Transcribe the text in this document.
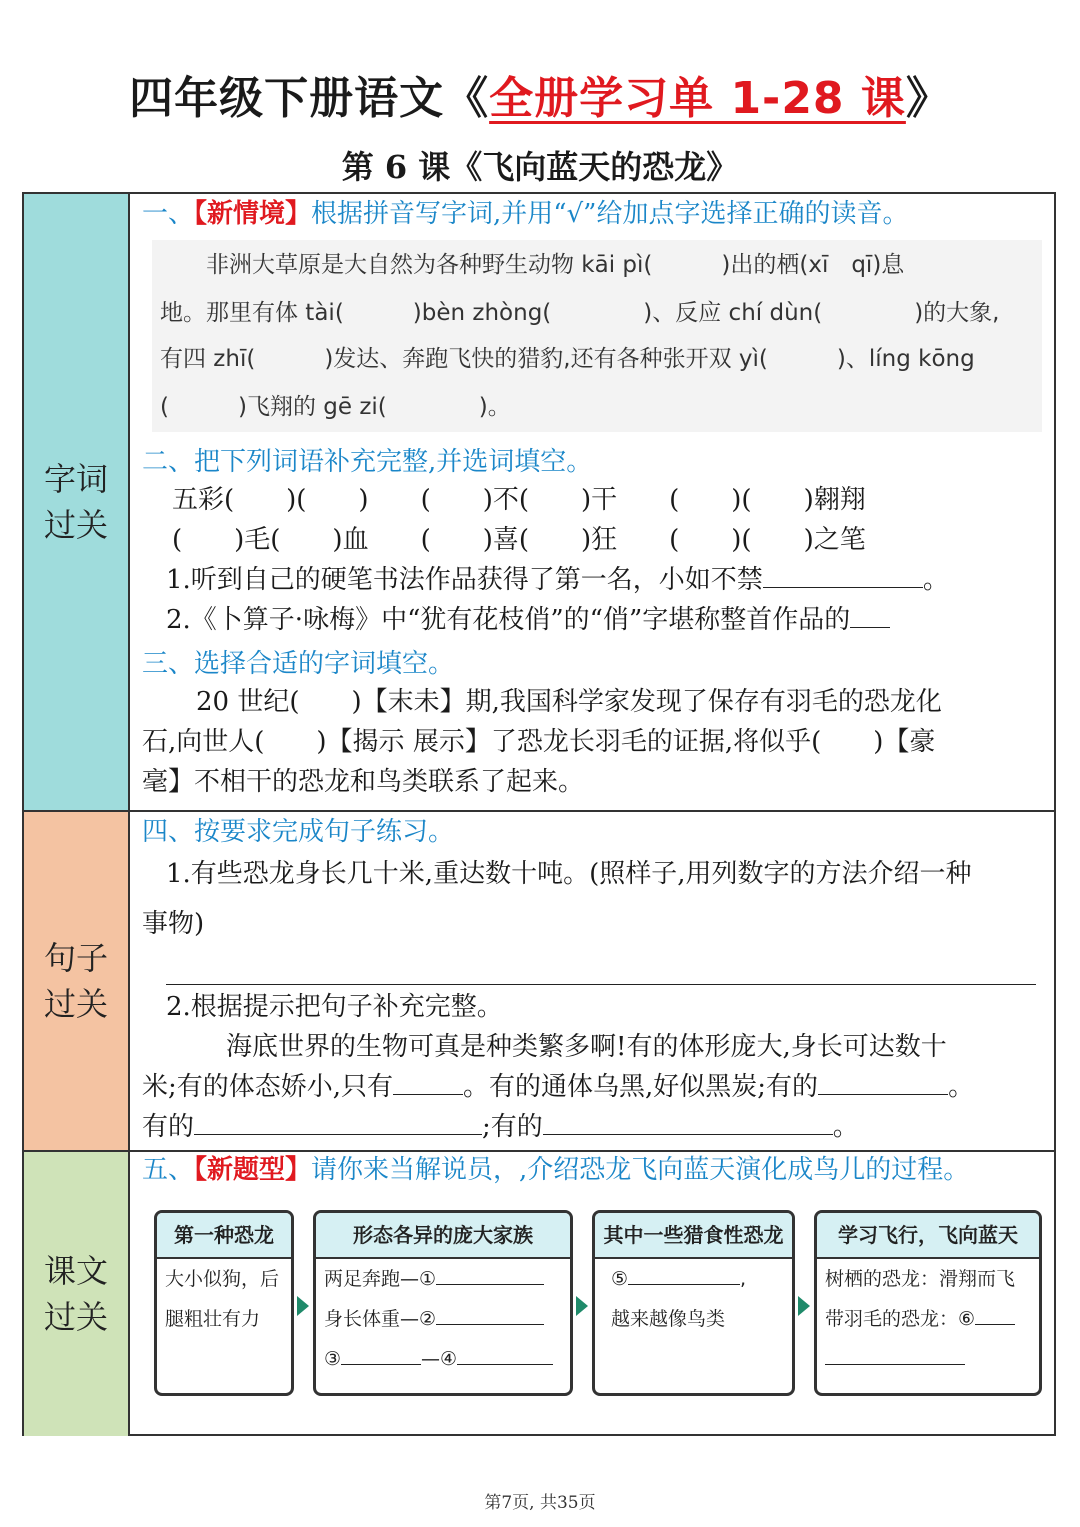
四年级下册语文《全册学习单 1-28 课》
第 6 课《飞向蓝天的恐龙》
字词过关
句子过关
课文过关
一、【新情境】根据拼音写字词,并用“√”给加点字选择正确的读音。
非洲大草原是大自然为各种野生动物 kāi pì(　　　)出的栖(xī　qī)息
地。那里有体 tài(　　　)bèn zhòng(　　　　)、反应 chí dùn(　　　　)的大象,
有四 zhī(　　　)发达、奔跑飞快的猎豹,还有各种张开双 yì(　　　)、líng kōng
(　　　)飞翔的 gē zi(　　　　)。
二、把下列词语补充完整,并选词填空。
五彩(　　)(　　)　　(　　)不(　　)干　　(　　)(　　)翱翔
(　　)毛(　　)血　　(　　)喜(　　)狂　　(　　)(　　)之笔
1.听到自己的硬笔书法作品获得了第一名，小如不禁	。
2.《卜算子·咏梅》中“犹有花枝俏”的“俏”字堪称整首作品的
三、选择合适的字词填空。
20 世纪(　　)【末未】期,我国科学家发现了保存有羽毛的恐龙化
石,向世人(　　)【揭示 展示】了恐龙长羽毛的证据,将似乎(　　)【豪
毫】不相干的恐龙和鸟类联系了起来。
四、按要求完成句子练习。
1.有些恐龙身长几十米,重达数十吨。(照样子,用列数字的方法介绍一种
事物)
2.根据提示把句子补充完整。
海底世界的生物可真是种类繁多啊!有的体形庞大,身长可达数十
米;有的体态娇小,只有	。有的通体乌黑,好似黑炭;有的	。
有的	;有的	。
五、【新题型】请你来当解说员，,介绍恐龙飞向蓝天演化成鸟儿的过程。
第一种恐龙
大小似狗，后
腿粗壮有力
形态各异的庞大家族
两足奔跑—①
身长体重—②
③	—④
其中一些猎食性恐龙
⑤	,
越来越像鸟类
学习飞行，飞向蓝天
树栖的恐龙：滑翔而飞
带羽毛的恐龙：⑥
第7页, 共35页
